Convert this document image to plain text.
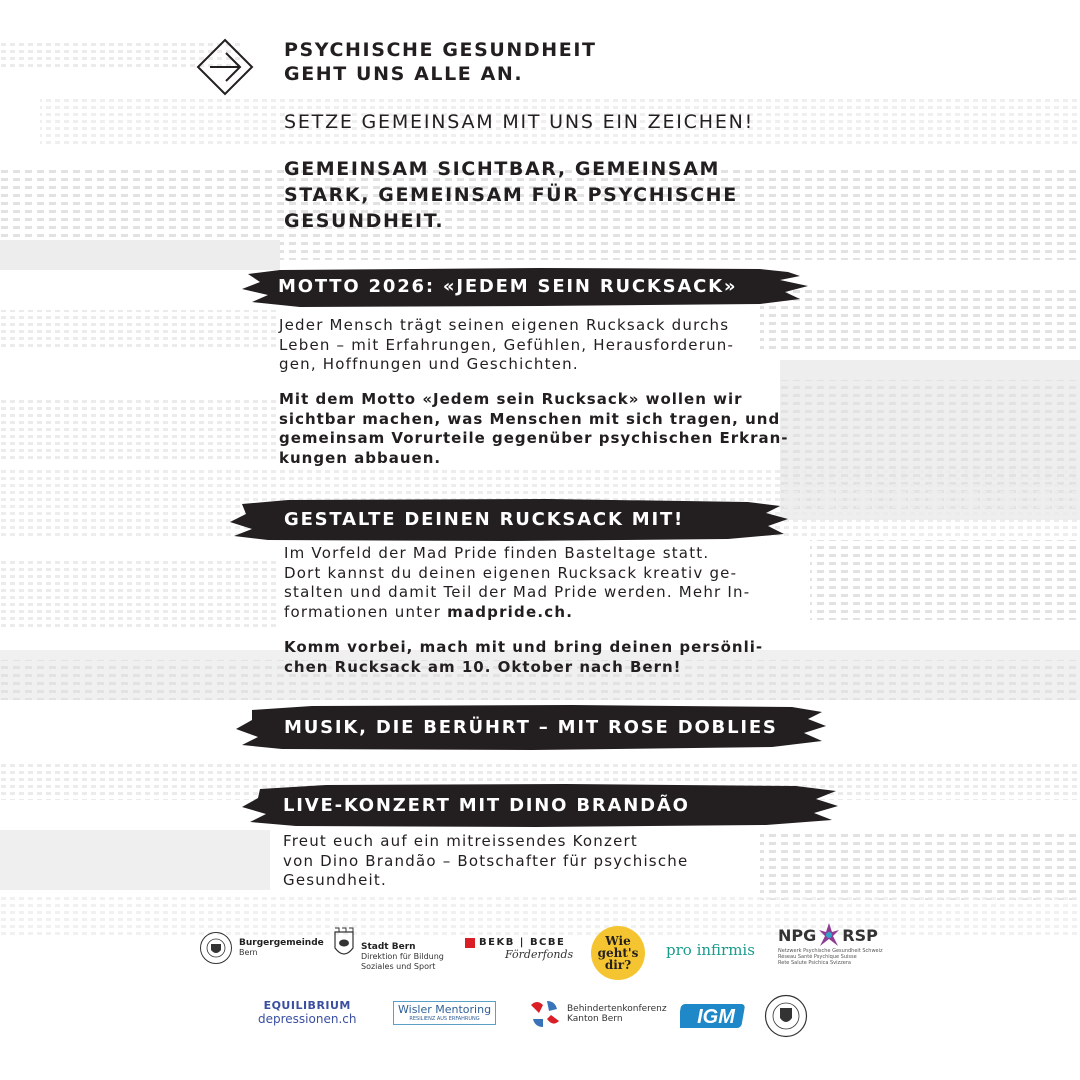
PSYCHISCHE GESUNDHEIT
GEHT UNS ALLE AN.
SETZE GEMEINSAM MIT UNS EIN ZEICHEN!
GEMEINSAM SICHTBAR, GEMEINSAM
STARK, GEMEINSAM FÜR PSYCHISCHE
GESUNDHEIT.
MOTTO 2026: «JEDEM SEIN RUCKSACK»
Jeder Mensch trägt seinen eigenen Rucksack durchs
Leben – mit Erfahrungen, Gefühlen, Herausforderun-
gen, Hoffnungen und Geschichten.
Mit dem Motto «Jedem sein Rucksack» wollen wir
sichtbar machen, was Menschen mit sich tragen, und
gemeinsam Vorurteile gegenüber psychischen Erkran-
kungen abbauen.
GESTALTE DEINEN RUCKSACK MIT!
Im Vorfeld der Mad Pride finden Basteltage statt.
Dort kannst du deinen eigenen Rucksack kreativ ge-
stalten und damit Teil der Mad Pride werden. Mehr In-
formationen unter madpride.ch.
Komm vorbei, mach mit und bring deinen persönli-
chen Rucksack am 10. Oktober nach Bern!
MUSIK, DIE BERÜHRT – MIT ROSE DOBLIES
LIVE-KONZERT MIT DINO BRANDÃO
Freut euch auf ein mitreissendes Konzert
von Dino Brandão – Botschafter für psychische
Gesundheit.
Burgergemeinde
Bern
Stadt Bern
Direktion für Bildung
Soziales und Sport
BEKB | BCBE
Förderfonds
Wie
geht's
dir?
pro infirmis
NPG RSP
Netzwerk Psychische Gesundheit Schweiz
Réseau Santé Psychique Suisse
Rete Salute Psichica Svizzera
EQUILIBRIUM
depressionen.ch
Wisler Mentoring
RESILIENZ AUS ERFAHRUNG
Behindertenkonferenz
Kanton Bern	IGM
